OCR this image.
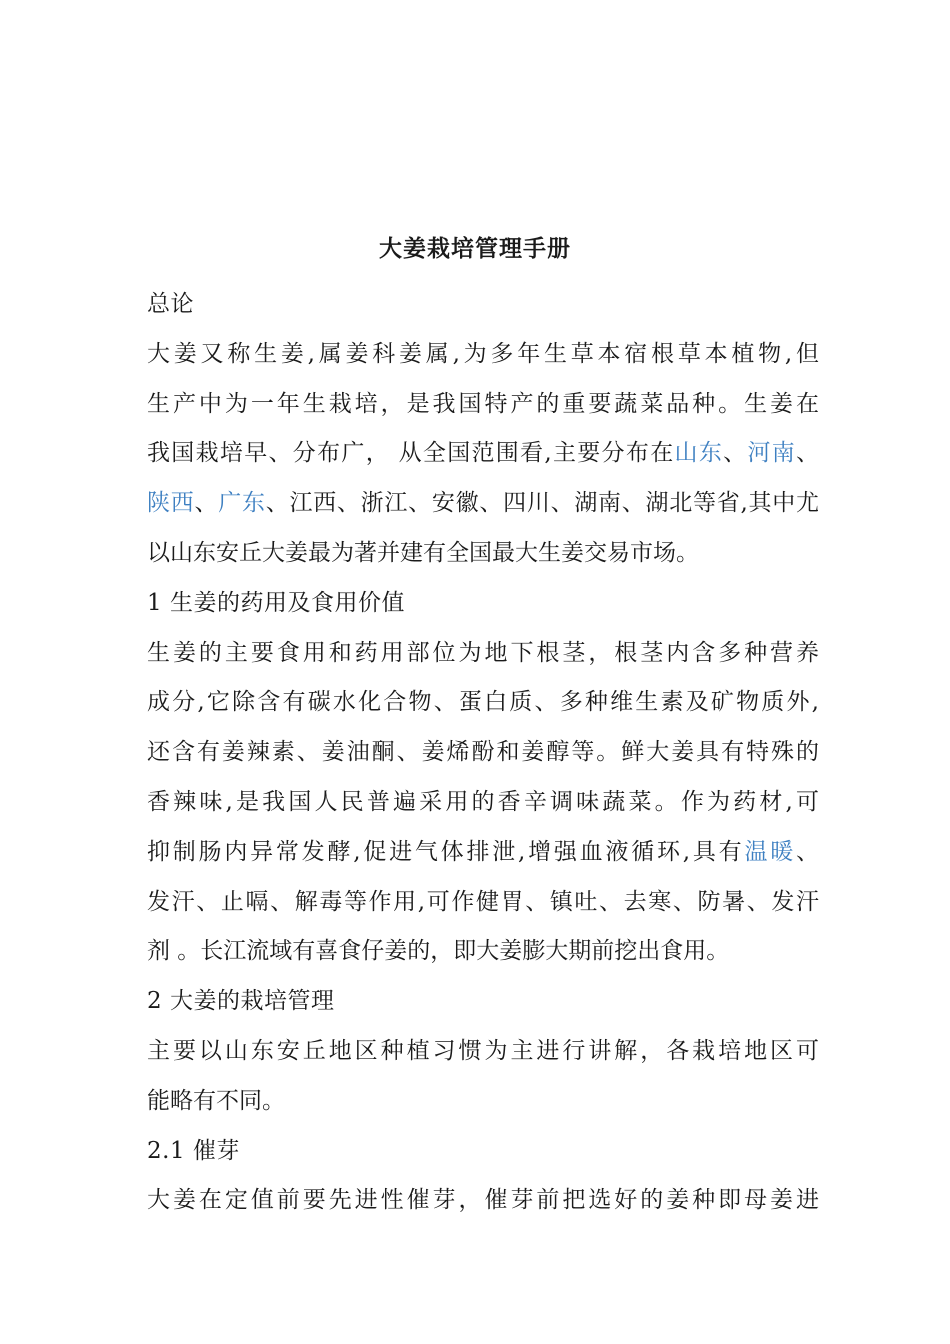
大姜栽培管理手册
总论
大姜又称生姜,属姜科姜属,为多年生草本宿根草本植物,但
生产中为一年生栽培，是我国特产的重要蔬菜品种。生姜在
我国栽培早、分布广， 从全国范围看,主要分布在山东、河南、
陕西、广东、江西、浙江、安徽、四川、湖南、湖北等省,其中尤
以山东安丘大姜最为著并建有全国最大生姜交易市场。
1 生姜的药用及食用价值
生姜的主要食用和药用部位为地下根茎，根茎内含多种营养
成分,它除含有碳水化合物、蛋白质、多种维生素及矿物质外,
还含有姜辣素、姜油酮、姜烯酚和姜醇等。鲜大姜具有特殊的
香辣味,是我国人民普遍采用的香辛调味蔬菜。作为药材,可
抑制肠内异常发酵,促进气体排泄,增强血液循环,具有温暖、
发汗、止嗝、解毒等作用,可作健胃、镇吐、去寒、防暑、发汗
剂 。长江流域有喜食仔姜的，即大姜膨大期前挖出食用。
2 大姜的栽培管理
主要以山东安丘地区种植习惯为主进行讲解，各栽培地区可
能略有不同。
2.1 催芽
大姜在定值前要先进性催芽，催芽前把选好的姜种即母姜进
